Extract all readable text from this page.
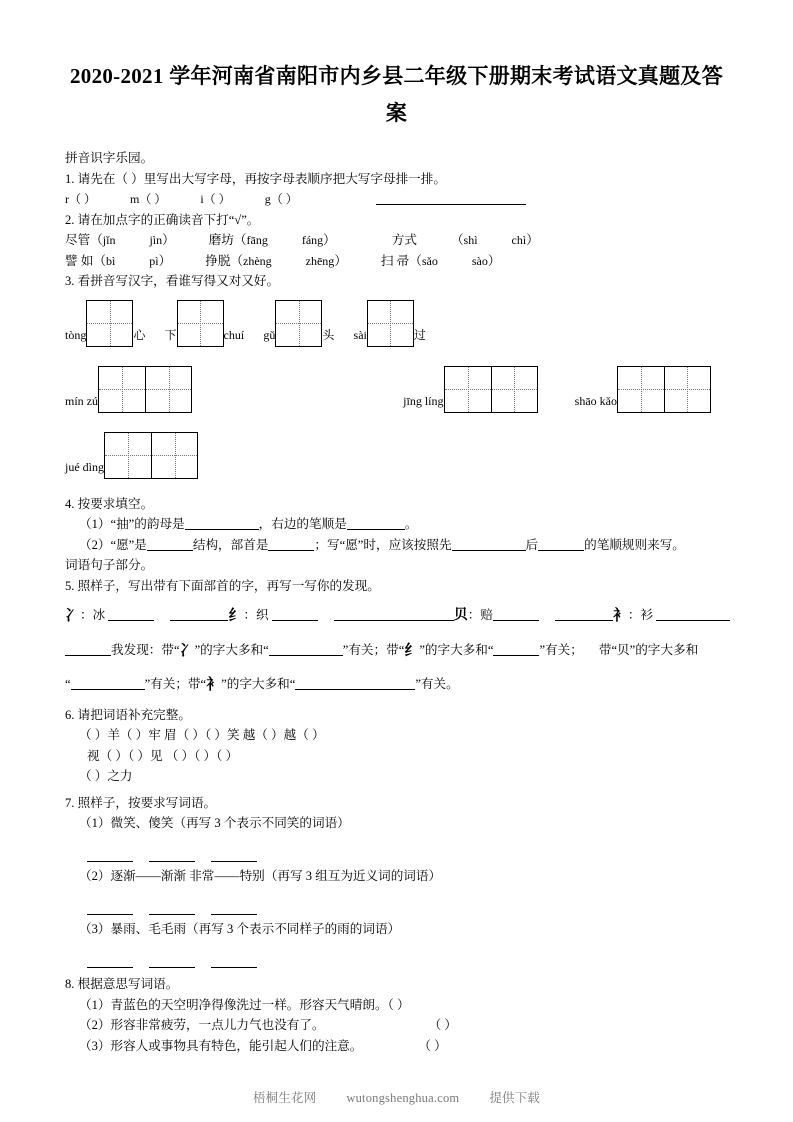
2020-2021 学年河南省南阳市内乡县二年级下册期末考试语文真题及答案
拼音识字乐园。
1. 请先在（ ）里写出大写字母，再按字母表顺序把大写字母排一排。
r（ ）	m（ ）	i（ ）	g（ ）
2. 请在加点字的正确读音下打“√”。
尽管（jǐn	jìn）	磨坊（fāng	fáng）	方式	（shì	chì）
譬 如（bì	pì）	挣脱（zhèng	zhēng）	扫 帚（sǎo	sào）
3. 看拼音写汉字，看谁写得又对又好。
tòng	心 下	chuí gǔ	头 sài	过
mín zú	jīng líng	shāo kǎo
jué dìng
4. 按要求填空。
（1）“抽”的韵母是	，右边的笔顺是	。
（2）“愿”是	结构，部首是	；写“愿”时，应该按照先	后	的笔顺规则来写。
词语句子部分。
5. 照样子，写出带有下面部首的字，再写一写你的发现。
冫：冰	纟：织	贝：赔	衤：衫
我发现：带“冫”的字大多和“	”有关；带“纟”的字大多和“	”有关； 带“贝”的字大多和
“	”有关；带“衤”的字大多和“	”有关。
6. 请把词语补充完整。
（ ）羊（ ）牢 眉（ ）（ ）笑 越（ ）越（ ）
视（ ）（ ）见 （ ）（ ）（ ）
（ ）之力
7. 照样子，按要求写词语。
（1）微笑、傻笑（再写 3 个表示不同笑的词语）
（2）逐渐——渐渐 非常——特别（再写 3 组互为近义词的词语）
（3）暴雨、毛毛雨（再写 3 个表示不同样子的雨的词语）
8. 根据意思写词语。
（1）青蓝色的天空明净得像洗过一样。形容天气晴朗。（ ）
（2）形容非常疲劳，一点儿力气也没有了。	（ ）
（3）形容人或事物具有特色，能引起人们的注意。	（ ）
梧桐生花网 wutongshenghua.com 提供下载
